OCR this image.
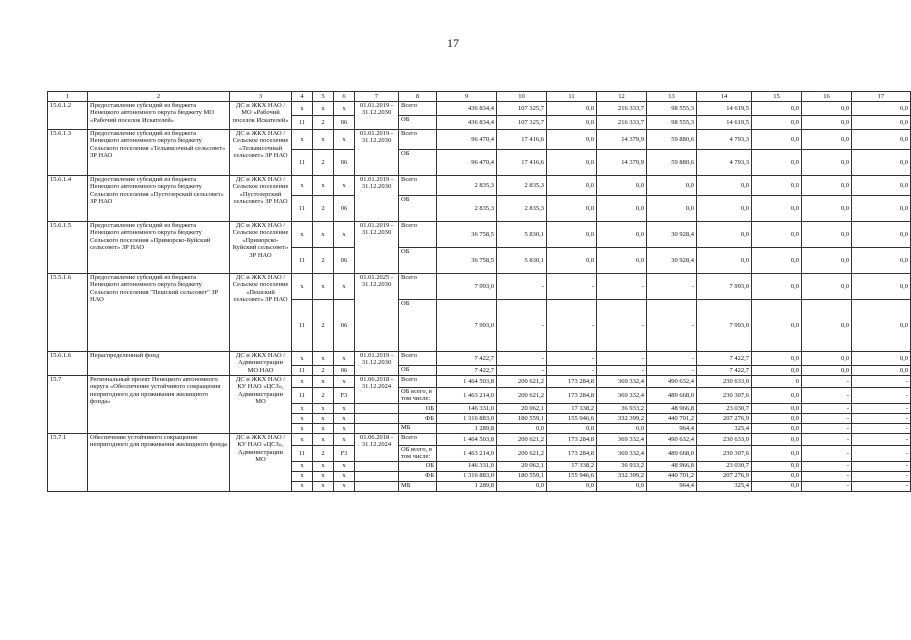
17
1	2	3	4	5	6	7	8	9	10	11	12	13	14	15	16	17
15.6.1.2	Предоставление субсидий из бюджета Ненецкого автономного округа бюджету МО «Рабочий поселок Искателей»	ДС и ЖКХ НАО / МО «Рабочий поселок Искателей»	x	x	x	01.01.2019 - 31.12.2030	Всего	436 834,4	107 325,7	0,0	216 333,7	98 555,3	14 619,5	0,0	0,0	0,0
			11	2	06		ОБ	436 834,4	107 325,7	0,0	216 333,7	98 555,3	14 619,5	0,0	0,0	0,0
15.6.1.3	Предоставление субсидий из бюджета Ненецкого автономного округа бюджету Сельского поселения «Тельвисочный сельсовет» ЗР НАО	ДС и ЖКХ НАО / Сельское поселение «Тельвисочный сельсовет» ЗР НАО	x	x	x	01.01.2019 - 31.12.2030	Всего	96 470,4	17 416,6	0,0	14 379,9	59 880,6	4 793,3	0,0	0,0	0,0
			11	2	06		ОБ	96 470,4	17 416,6	0,0	14 379,9	59 880,6	4 793,3	0,0	0,0	0,0
15.6.1.4	Предоставление субсидий из бюджета Ненецкого автономного округа бюджету Сельского поселения «Пустозерский сельсовет» ЗР НАО	ДС и ЖКХ НАО / Сельское поселение «Пустозерский сельсовет» ЗР НАО	x	x	x	01.01.2019 - 31.12.2030	Всего	2 835,3	2 835,3	0,0	0,0	0,0	0,0	0,0	0,0	0,0
			11	2	06		ОБ	2 835,3	2 835,3	0,0	0,0	0,0	0,0	0,0	0,0	0,0
15.6.1.5	Предоставление субсидий из бюджета Ненецкого автономного округа бюджету Сельского поселения «Приморско-Куйский сельсовет» ЗР НАО	ДС и ЖКХ НАО / Сельское поселение «Приморско-Куйский сельсовет» ЗР НАО	x	x	x	01.01.2019 - 31.12.2030	Всего	36 758,5	5 830,1	0,0	0,0	30 928,4	0,0	0,0	0,0	0,0
			11	2	06		ОБ	36 758,5	5 830,1	0,0	0,0	30 928,4	0,0	0,0	0,0	0,0
15.5.1.6	Предоставление субсидий из бюджета Ненецкого автономного округа бюджету Сельского поселения "Пешский сельсовет" ЗР НАО	ДС и ЖКХ НАО / Сельское поселение «Пешский сельсовет» ЗР НАО	x	x	x	01.01.2025 - 31.12.2030	Всего	7 993,0	-	-	-	-	7 993,0	0,0	0,0	0,0
			11	2	06		ОБ	7 993,0	-	-	-	-	7 993,0	0,0	0,0	0,0
15.6.1.6	Нераспределенный фонд	ДС и ЖКХ НАО / Администрации МО НАО	x	x	x	01.01.2019 - 31.12.2030	Всего	7 422,7	-	-	-	-	7 422,7	0,0	0,0	0,0
			11	2	06		ОБ	7 422,7	-	-	-	-	7 422,7	0,0	0,0	0,0
15.7	Региональный проект Ненецкого автономного округа «Обеспечение устойчивого сокращения непригодного для проживания жилищного фонда»	ДС и ЖКХ НАО / КУ НАО «ЦСЗ», Администрации МО	x	x	x	01.06.2018 - 31.12.2024	Всего	1 464 503,8	200 621,2	173 284,8	369 332,4	490 632,4	230 633,0	0	-	-
			11	2	F3		ОБ всего, в том числе:	1 463 214,0	200 621,2	173 284,8	369 332,4	489 668,0	230 307,6	0,0	-	-
			x	x	x		ОБ	146 331,0	20 062,1	17 338,2	36 933,2	48 966,8	23 030,7	0,0	-	-
			x	x	x		ФБ	1 316 883,0	180 559,1	155 946,6	332 399,2	440 701,2	207 276,9	0,0	-	-
			x	x	x		МБ	1 289,8	0,0	0,0	0,0	964,4	325,4	0,0	-	-
15.7.1	Обеспечение устойчивого сокращения непригодного для проживания жилищного фонда	ДС и ЖКХ НАО / КУ НАО «ЦСЗ», Администрации МО	x	x	x	01.06.2018 - 31.12.2024	Всего	1 464 503,8	200 621,2	173 284,8	369 332,4	490 632,4	230 633,0	0,0	-	-
			11	2	F3		ОБ всего, в том числе:	1 463 214,0	200 621,2	173 284,8	369 332,4	489 668,0	230 307,6	0,0	-	-
			x	x	x		ОБ	146 331,0	20 062,1	17 338,2	36 933,2	48 966,8	23 030,7	0,0	-	-
			x	x	x		ФБ	1 316 883,0	180 559,1	155 946,6	332 399,2	440 701,2	207 276,9	0,0	-	-
			x	x	x		МБ	1 289,8	0,0	0,0	0,0	964,4	325,4	0,0	-	-
